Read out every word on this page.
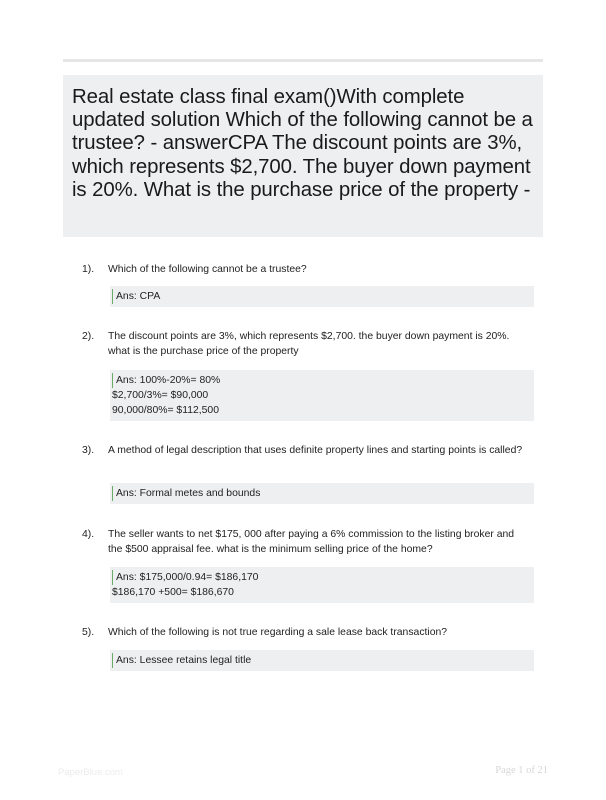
Real estate class final exam()With complete updated solution Which of the following cannot be a trustee? - answerCPA The discount points are 3%, which represents $2,700. The buyer down payment is 20%. What is the purchase price of the property -
1). Which of the following cannot be a trustee?

Ans: CPA
2). The discount points are 3%, which represents $2,700. the buyer down payment is 20%. what is the purchase price of the property

Ans: 100%-20%= 80%
$2,700/3%= $90,000
90,000/80%= $112,500
3). A method of legal description that uses definite property lines and starting points is called?

Ans: Formal metes and bounds
4). The seller wants to net $175, 000 after paying a 6% commission to the listing broker and the $500 appraisal fee. what is the minimum selling price of the home?

Ans: $175,000/0.94= $186,170
$186,170 +500= $186,670
5). Which of the following is not true regarding a sale lease back transaction?

Ans: Lessee retains legal title
PaperBlue.com	Page 1 of 21
